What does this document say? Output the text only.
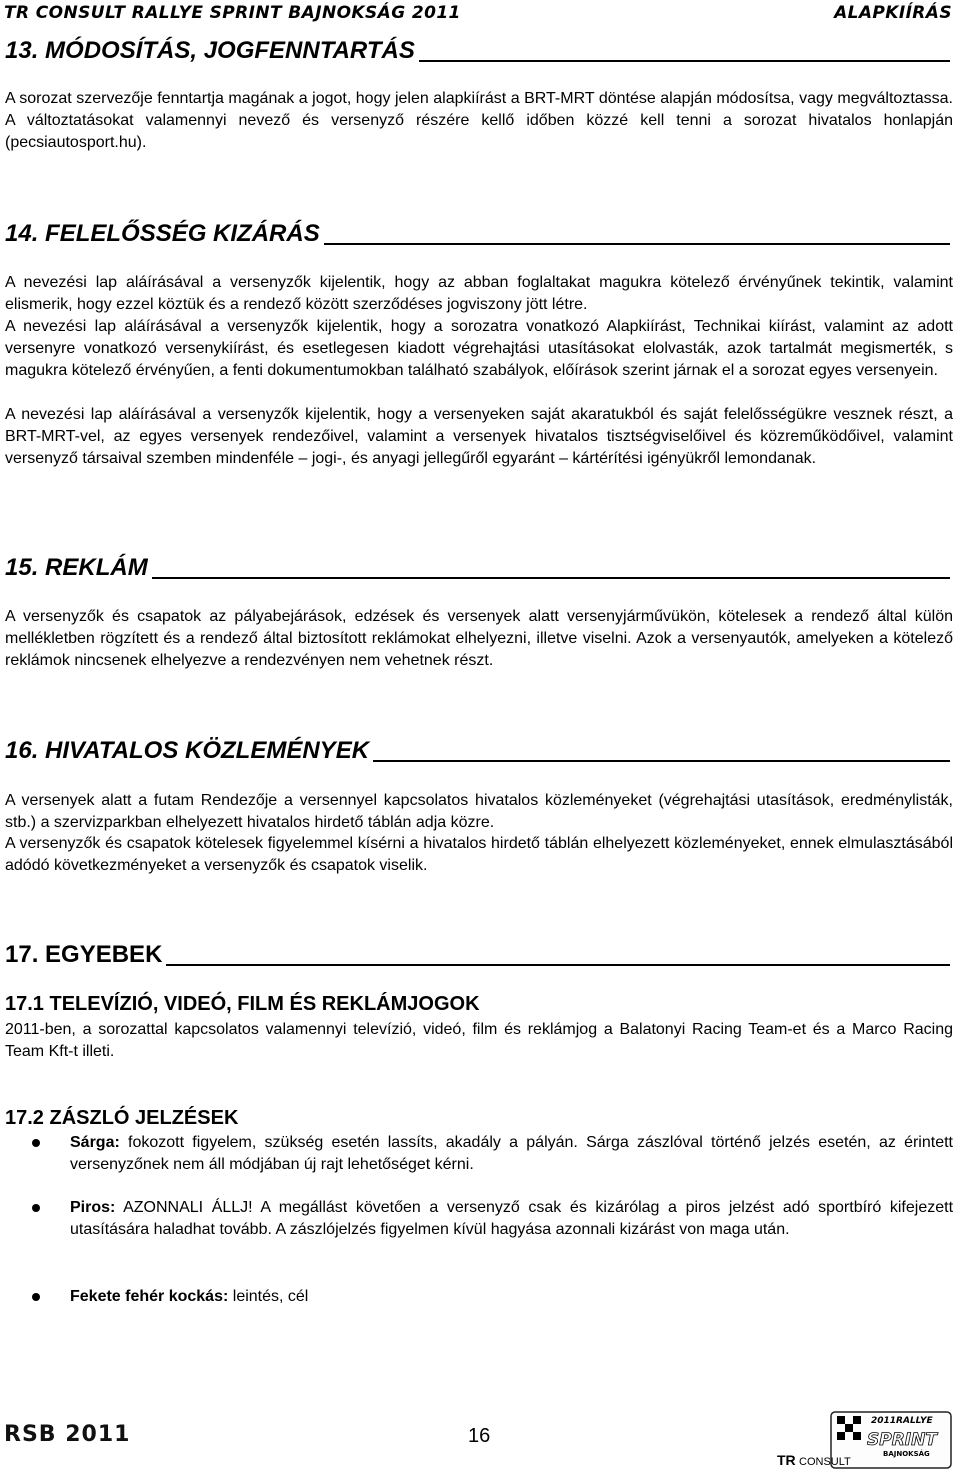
TR CONSULT RALLYE SPRINT BAJNOKSÁG 2011	ALAPKIÍRÁS
13. MÓDOSÍTÁS, JOGFENNTARTÁS
A sorozat szervezője fenntartja magának a jogot, hogy jelen alapkiírást a BRT-MRT döntése alapján módosítsa, vagy megváltoztassa. A változtatásokat valamennyi nevező és versenyző részére kellő időben közzé kell tenni a sorozat hivatalos honlapján (pecsiautosport.hu).
14. FELELŐSSÉG KIZÁRÁS
A nevezési lap aláírásával a versenyzők kijelentik, hogy az abban foglaltakat magukra kötelező érvényűnek tekintik, valamint elismerik, hogy ezzel köztük és a rendező között szerződéses jogviszony jött létre.
A nevezési lap aláírásával a versenyzők kijelentik, hogy a sorozatra vonatkozó Alapkiírást, Technikai kiírást, valamint az adott versenyre vonatkozó versenykiírást, és esetlegesen kiadott végrehajtási utasításokat elolvasták, azok tartalmát megismerték, s magukra kötelező érvényűen, a fenti dokumentumokban található szabályok, előírások szerint járnak el a sorozat egyes versenyein.
A nevezési lap aláírásával a versenyzők kijelentik, hogy a versenyeken saját akaratukból és saját felelősségükre vesznek részt, a BRT-MRT-vel, az egyes versenyek rendezőivel, valamint a versenyek hivatalos tisztségviselőivel és közreműködőivel, valamint versenyző társaival szemben mindenféle – jogi-, és anyagi jellegűről egyaránt – kártérítési igényükről lemondanak.
15. REKLÁM
A versenyzők és csapatok az pályabejárások, edzések és versenyek alatt versenyjárművükön, kötelesek a rendező által külön mellékletben rögzített és a rendező által biztosított reklámokat elhelyezni, illetve viselni. Azok a versenyautók, amelyeken a kötelező reklámok nincsenek elhelyezve a rendezvényen nem vehetnek részt.
16. HIVATALOS KÖZLEMÉNYEK
A versenyek alatt a futam Rendezője a versennyel kapcsolatos hivatalos közleményeket (végrehajtási utasítások, eredménylisták, stb.) a szervizparkban elhelyezett hivatalos hirdető táblán adja közre.
A versenyzők és csapatok kötelesek figyelemmel kísérni a hivatalos hirdető táblán elhelyezett közleményeket, ennek elmulasztásából adódó következményeket a versenyzők és csapatok viselik.
17. EGYEBEK
17.1 TELEVÍZIÓ, VIDEÓ, FILM ÉS REKLÁMJOGOK
2011-ben, a sorozattal kapcsolatos valamennyi televízió, videó, film és reklámjog a Balatonyi Racing Team-et és a Marco Racing Team Kft-t illeti.
17.2 ZÁSZLÓ JELZÉSEK
Sárga: fokozott figyelem, szükség esetén lassíts, akadály a pályán. Sárga zászlóval történő jelzés esetén, az érintett versenyzőnek nem áll módjában új rajt lehetőséget kérni.
Piros: AZONNALI ÁLLJ! A megállást követően a versenyző csak és kizárólag a piros jelzést adó sportbíró kifejezett utasítására haladhat tovább. A zászlójelzés figyelmen kívül hagyása azonnali kizárást von maga után.
Fekete fehér kockás: leintés, cél
RSB 2011	16
2011RALLYE
SPRINT
BAJNOKSÁG
TR CONSULT
